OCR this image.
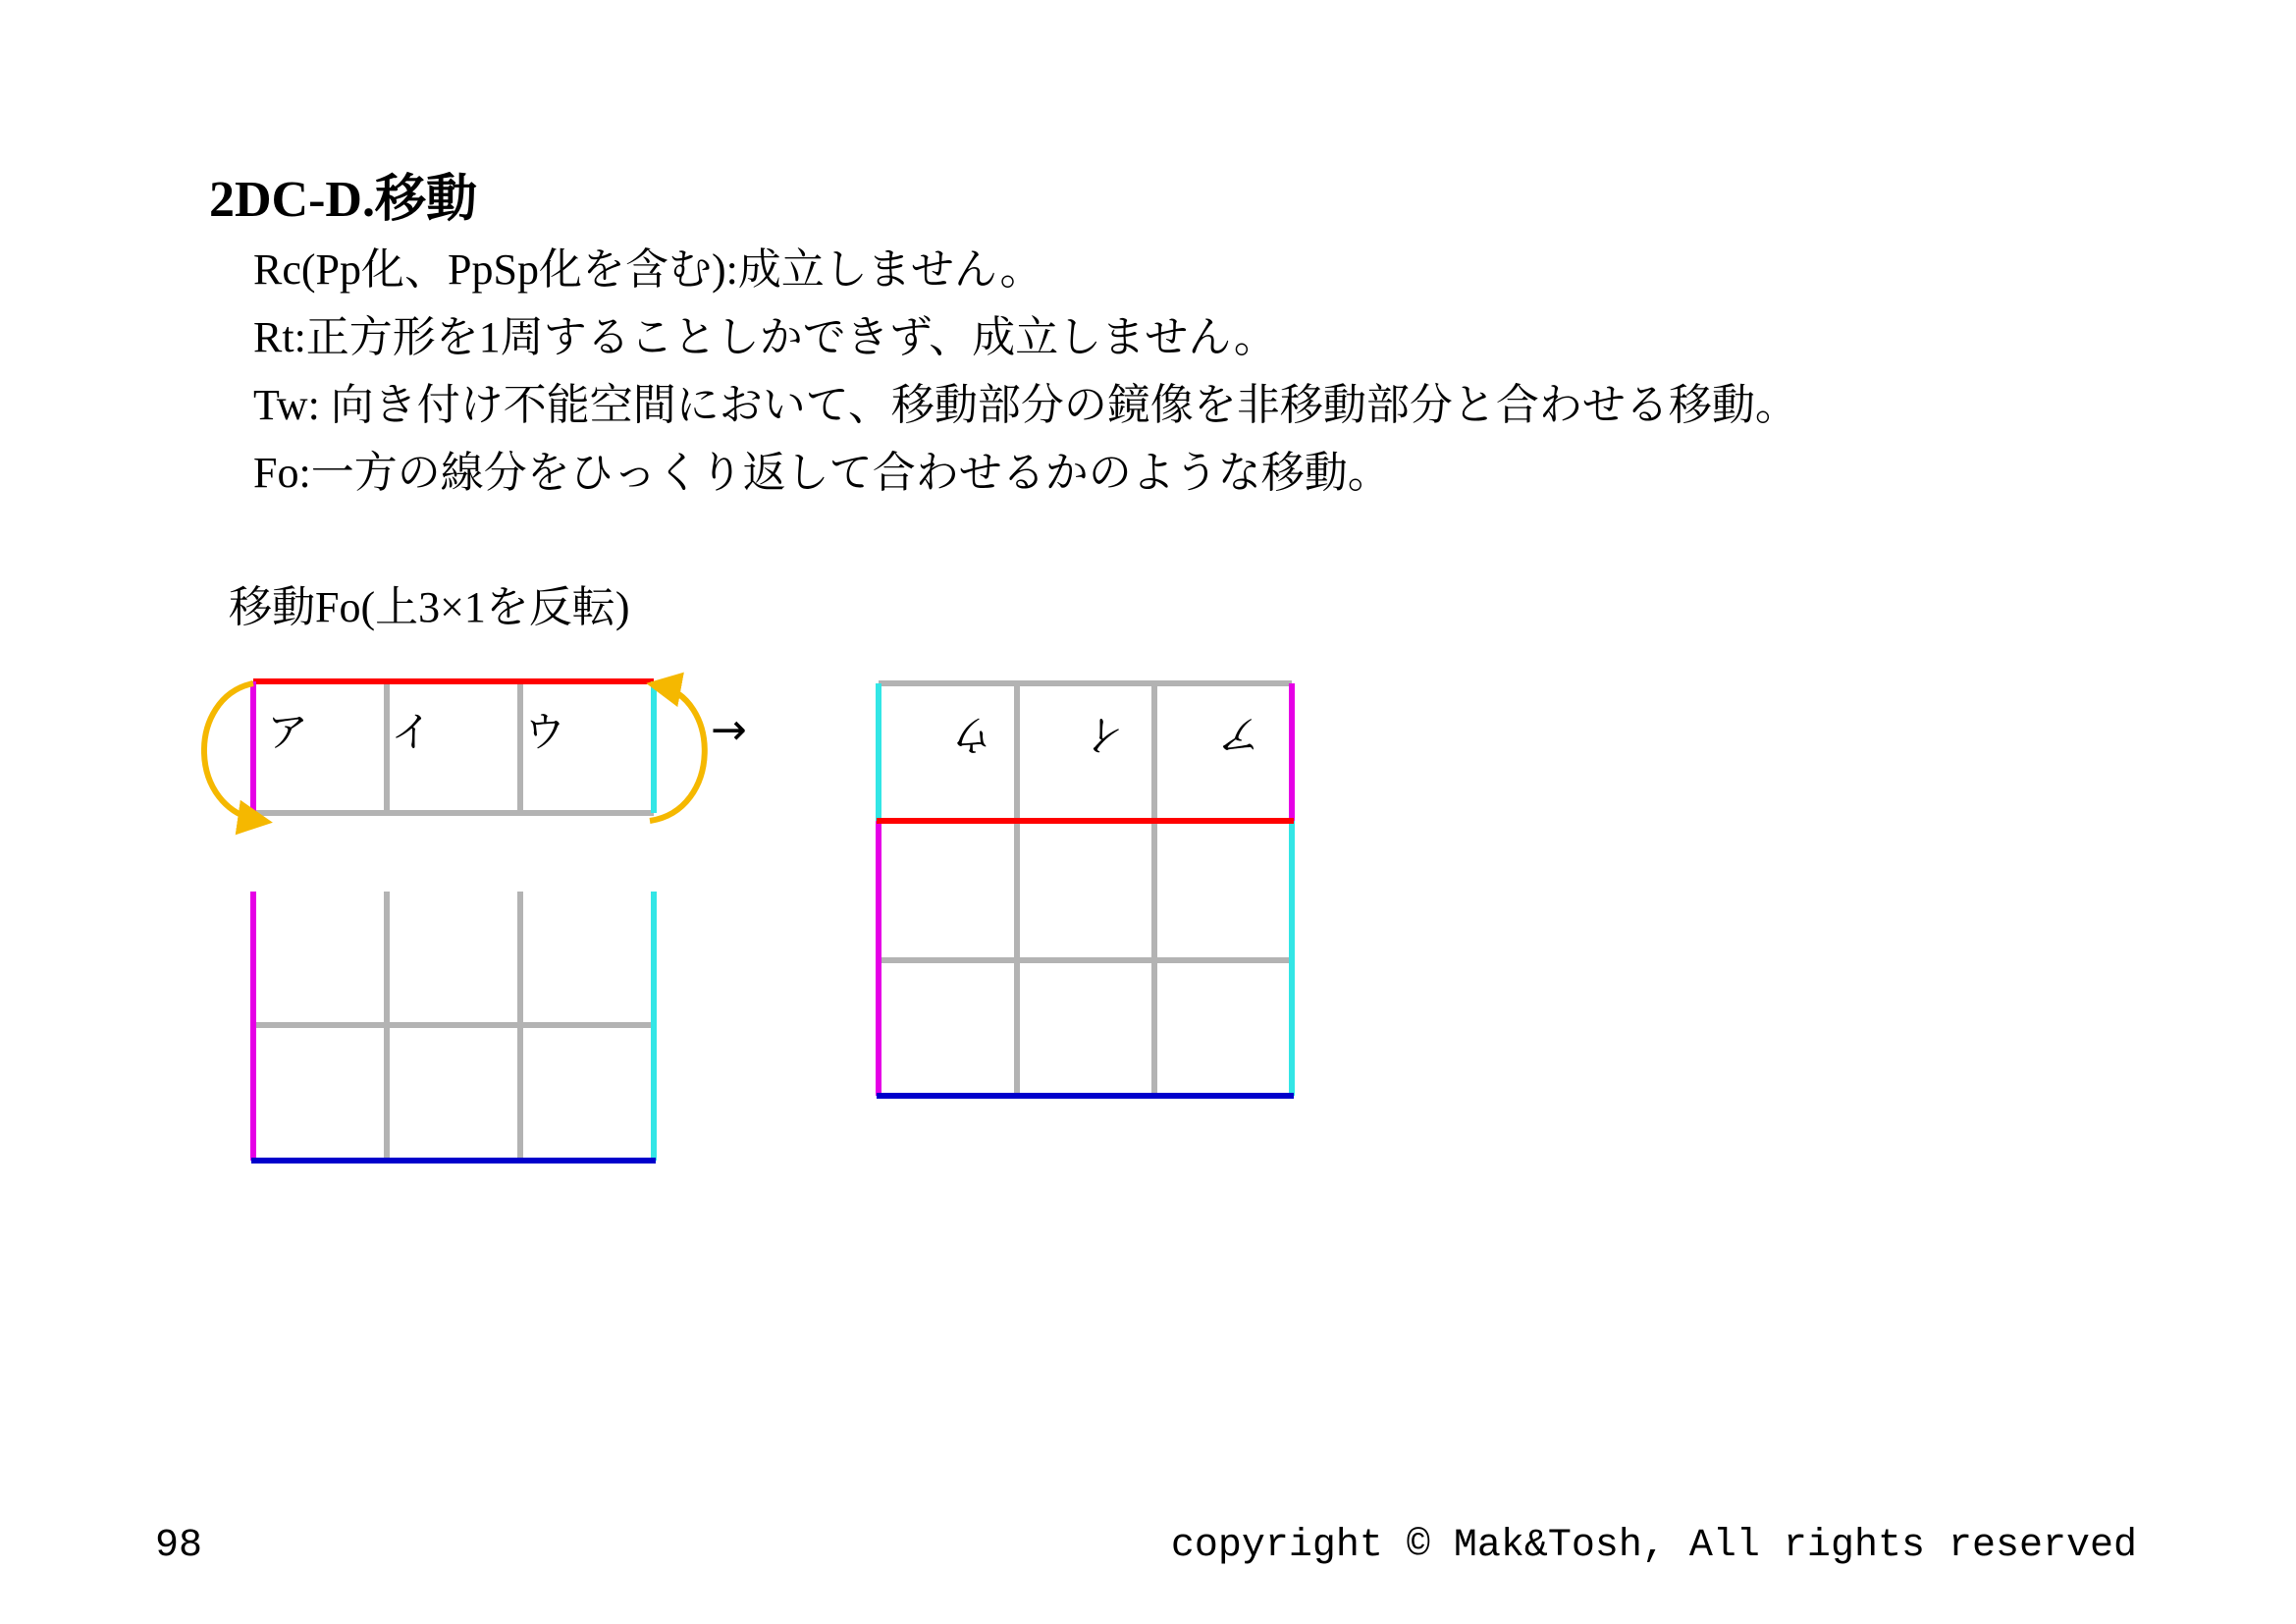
2DC-D.移動
Rc(Pp化、PpSp化を含む):成立しません。
Rt:正方形を1周することしかできず、成立しません。
Tw: 向き付け不能空間において、移動部分の鏡像を非移動部分と合わせる移動。
Fo:一方の線分をひっくり返して合わせるかのような移動。
移動Fo(上3×1を反転)
ア イ ウ	→	ウ イ ア
98	copyright © Mak&Tosh, All rights reserved
